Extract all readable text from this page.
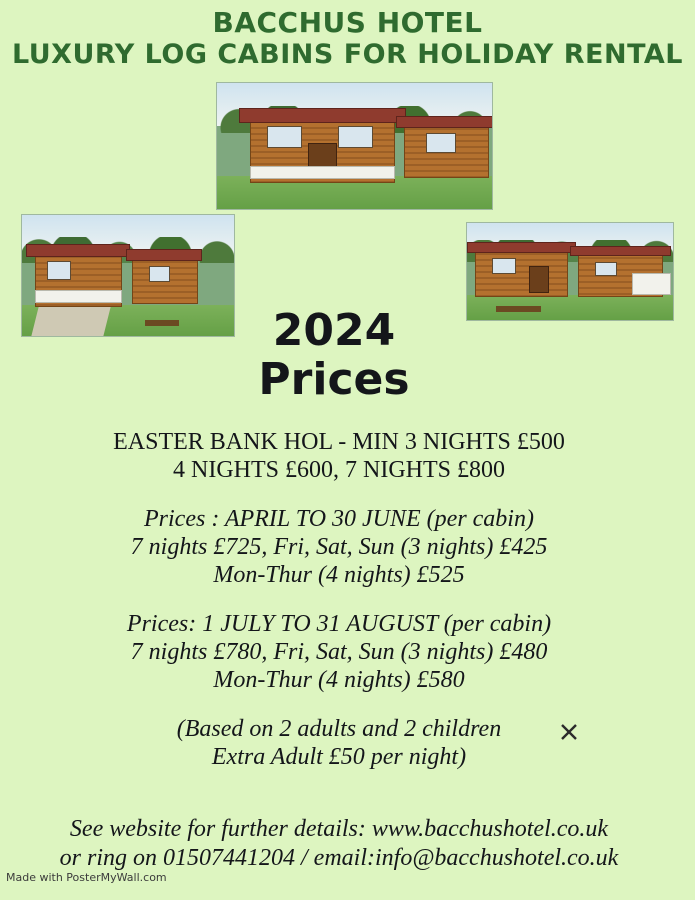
BACCHUS HOTEL
LUXURY LOG CABINS FOR HOLIDAY RENTAL
2024
Prices
EASTER BANK HOL - MIN 3 NIGHTS £500
4 NIGHTS £600, 7 NIGHTS £800
Prices : APRIL TO 30 JUNE (per cabin)
7 nights £725, Fri, Sat, Sun (3 nights) £425
Mon-Thur (4 nights) £525
Prices: 1 JULY TO 31 AUGUST (per cabin)
7 nights £780, Fri, Sat, Sun (3 nights) £480
Mon-Thur (4 nights) £580
(Based on 2 adults and 2 children
Extra Adult £50 per night)
See website for further details: www.bacchushotel.co.uk
or ring on 01507441204 / email:info@bacchushotel.co.uk
Made with PosterMyWall.com
